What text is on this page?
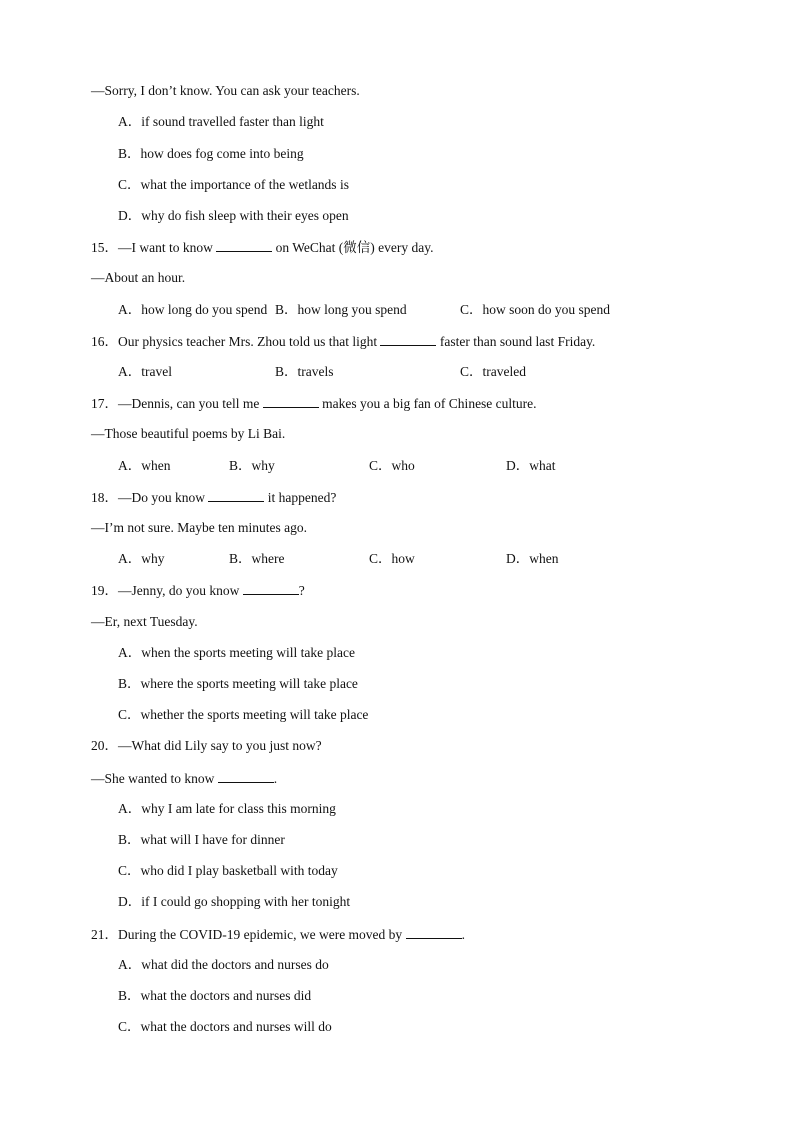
—Sorry, I don’t know. You can ask your teachers.
A．if sound travelled faster than light
B．how does fog come into being
C．what the importance of the wetlands is
D．why do fish sleep with their eyes open
15．—I want to know	on WeChat (微信) every day.
—About an hour.
A．how long do you spend B．how long you spend	C．how soon do you spend
16．Our physics teacher Mrs. Zhou told us that light	faster than sound last Friday.
A．travel	B．travels	C．traveled
17．—Dennis, can you tell me	makes you a big fan of Chinese culture.
—Those beautiful poems by Li Bai.
A．when	B．why	C．who	D．what
18．—Do you know	it happened?
—I’m not sure. Maybe ten minutes ago.
A．why	B．where	C．how	D．when
19．—Jenny, do you know	?
—Er, next Tuesday.
A．when the sports meeting will take place
B．where the sports meeting will take place
C．whether the sports meeting will take place
20．—What did Lily say to you just now?
—She wanted to know	.
A．why I am late for class this morning
B．what will I have for dinner
C．who did I play basketball with today
D．if I could go shopping with her tonight
21．During the COVID-19 epidemic, we were moved by	.
A．what did the doctors and nurses do
B．what the doctors and nurses did
C．what the doctors and nurses will do
